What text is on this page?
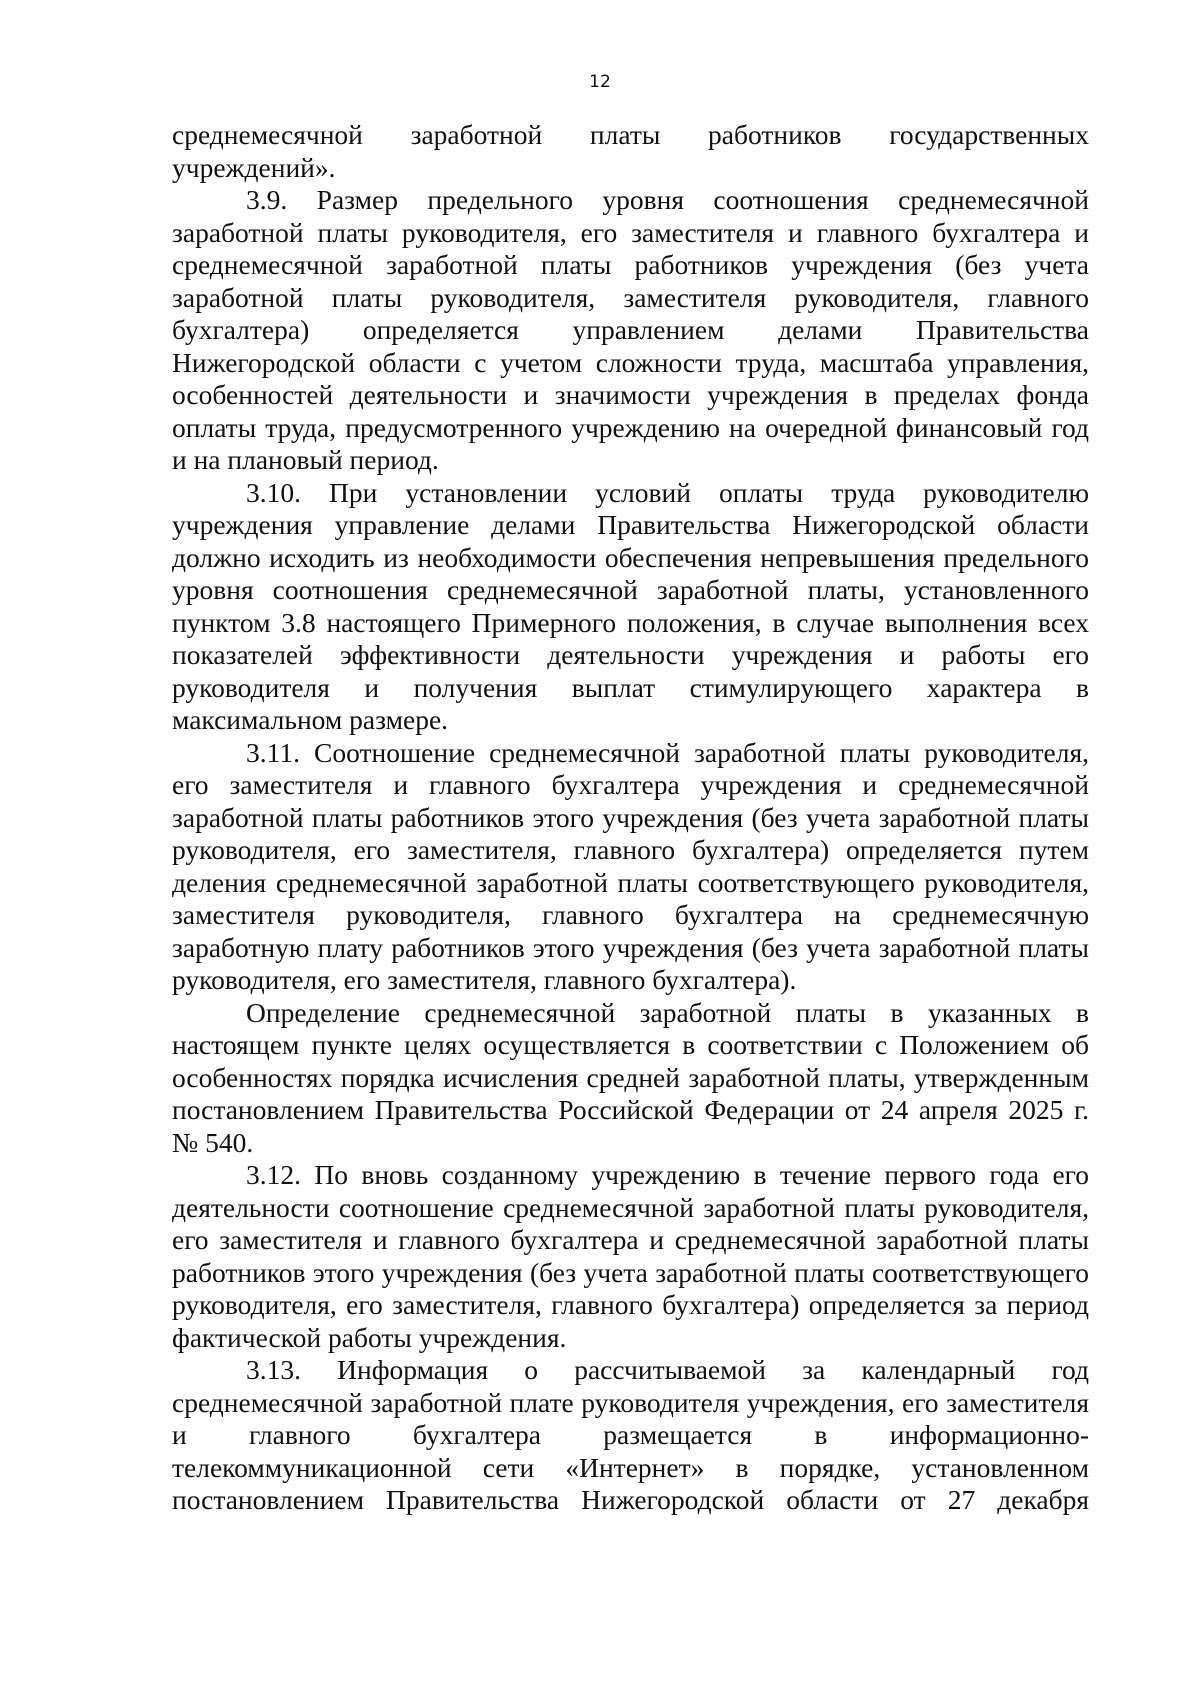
12

среднемесячной заработной платы работников государственных учреждений».

3.9. Размер предельного уровня соотношения среднемесячной заработной платы руководителя, его заместителя и главного бухгалтера и среднемесячной заработной платы работников учреждения (без учета заработной платы руководителя, заместителя руководителя, главного бухгалтера) определяется управлением делами Правительства Нижегородской области с учетом сложности труда, масштаба управления, особенностей деятельности и значимости учреждения в пределах фонда оплаты труда, предусмотренного учреждению на очередной финансовый год и на плановый период.

3.10. При установлении условий оплаты труда руководителю учреждения управление делами Правительства Нижегородской области должно исходить из необходимости обеспечения непревышения предельного уровня соотношения среднемесячной заработной платы, установленного пунктом 3.8 настоящего Примерного положения, в случае выполнения всех показателей эффективности деятельности учреждения и работы его руководителя и получения выплат стимулирующего характера в максимальном размере.

3.11. Соотношение среднемесячной заработной платы руководителя, его заместителя и главного бухгалтера учреждения и среднемесячной заработной платы работников этого учреждения (без учета заработной платы руководителя, его заместителя, главного бухгалтера) определяется путем деления среднемесячной заработной платы соответствующего руководителя, заместителя руководителя, главного бухгалтера на среднемесячную заработную плату работников этого учреждения (без учета заработной платы руководителя, его заместителя, главного бухгалтера).

Определение среднемесячной заработной платы в указанных в настоящем пункте целях осуществляется в соответствии с Положением об особенностях порядка исчисления средней заработной платы, утвержденным постановлением Правительства Российской Федерации от 24 апреля 2025 г. № 540.

3.12. По вновь созданному учреждению в течение первого года его деятельности соотношение среднемесячной заработной платы руководителя, его заместителя и главного бухгалтера и среднемесячной заработной платы работников этого учреждения (без учета заработной платы соответствующего руководителя, его заместителя, главного бухгалтера) определяется за период фактической работы учреждения.

3.13. Информация о рассчитываемой за календарный год среднемесячной заработной плате руководителя учреждения, его заместителя и главного бухгалтера размещается в информационно-телекоммуникационной сети «Интернет» в порядке, установленном постановлением Правительства Нижегородской области от 27 декабря
